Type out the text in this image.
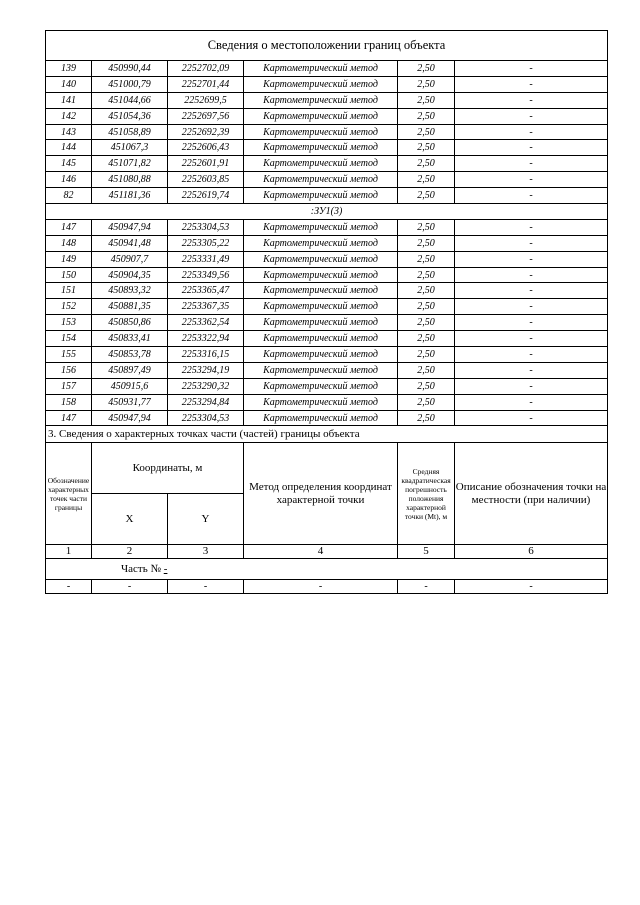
Сведения о местоположении границ объекта					
139	450990,44	2252702,09	Картометрический метод	2,50	-
140	451000,79	2252701,44	Картометрический метод	2,50	-
141	451044,66	2252699,5	Картометрический метод	2,50	-
142	451054,36	2252697,56	Картометрический метод	2,50	-
143	451058,89	2252692,39	Картометрический метод	2,50	-
144	451067,3	2252606,43	Картометрический метод	2,50	-
145	451071,82	2252601,91	Картометрический метод	2,50	-
146	451080,88	2252603,85	Картометрический метод	2,50	-
82	451181,36	2252619,74	Картометрический метод	2,50	-
:ЗУ1(3)					
147	450947,94	2253304,53	Картометрический метод	2,50	-
148	450941,48	2253305,22	Картометрический метод	2,50	-
149	450907,7	2253331,49	Картометрический метод	2,50	-
150	450904,35	2253349,56	Картометрический метод	2,50	-
151	450893,32	2253365,47	Картометрический метод	2,50	-
152	450881,35	2253367,35	Картометрический метод	2,50	-
153	450850,86	2253362,54	Картометрический метод	2,50	-
154	450833,41	2253322,94	Картометрический метод	2,50	-
155	450853,78	2253316,15	Картометрический метод	2,50	-
156	450897,49	2253294,19	Картометрический метод	2,50	-
157	450915,6	2253290,32	Картометрический метод	2,50	-
158	450931,77	2253294,84	Картометрический метод	2,50	-
147	450947,94	2253304,53	Картометрический метод	2,50	-
3. Сведения о характерных точках части (частей) границы объекта					
Обозначение характерных точек части границы	Координаты, м		Метод определения координат характерной точки	Средняя квадратическая погрешность положения характерной точки (Мt), м	Описание обозначения точки на местности (при наличии)
	X	Y			
1	2	3	4	5	6
Часть № -					
-	-	-	-	-	-
